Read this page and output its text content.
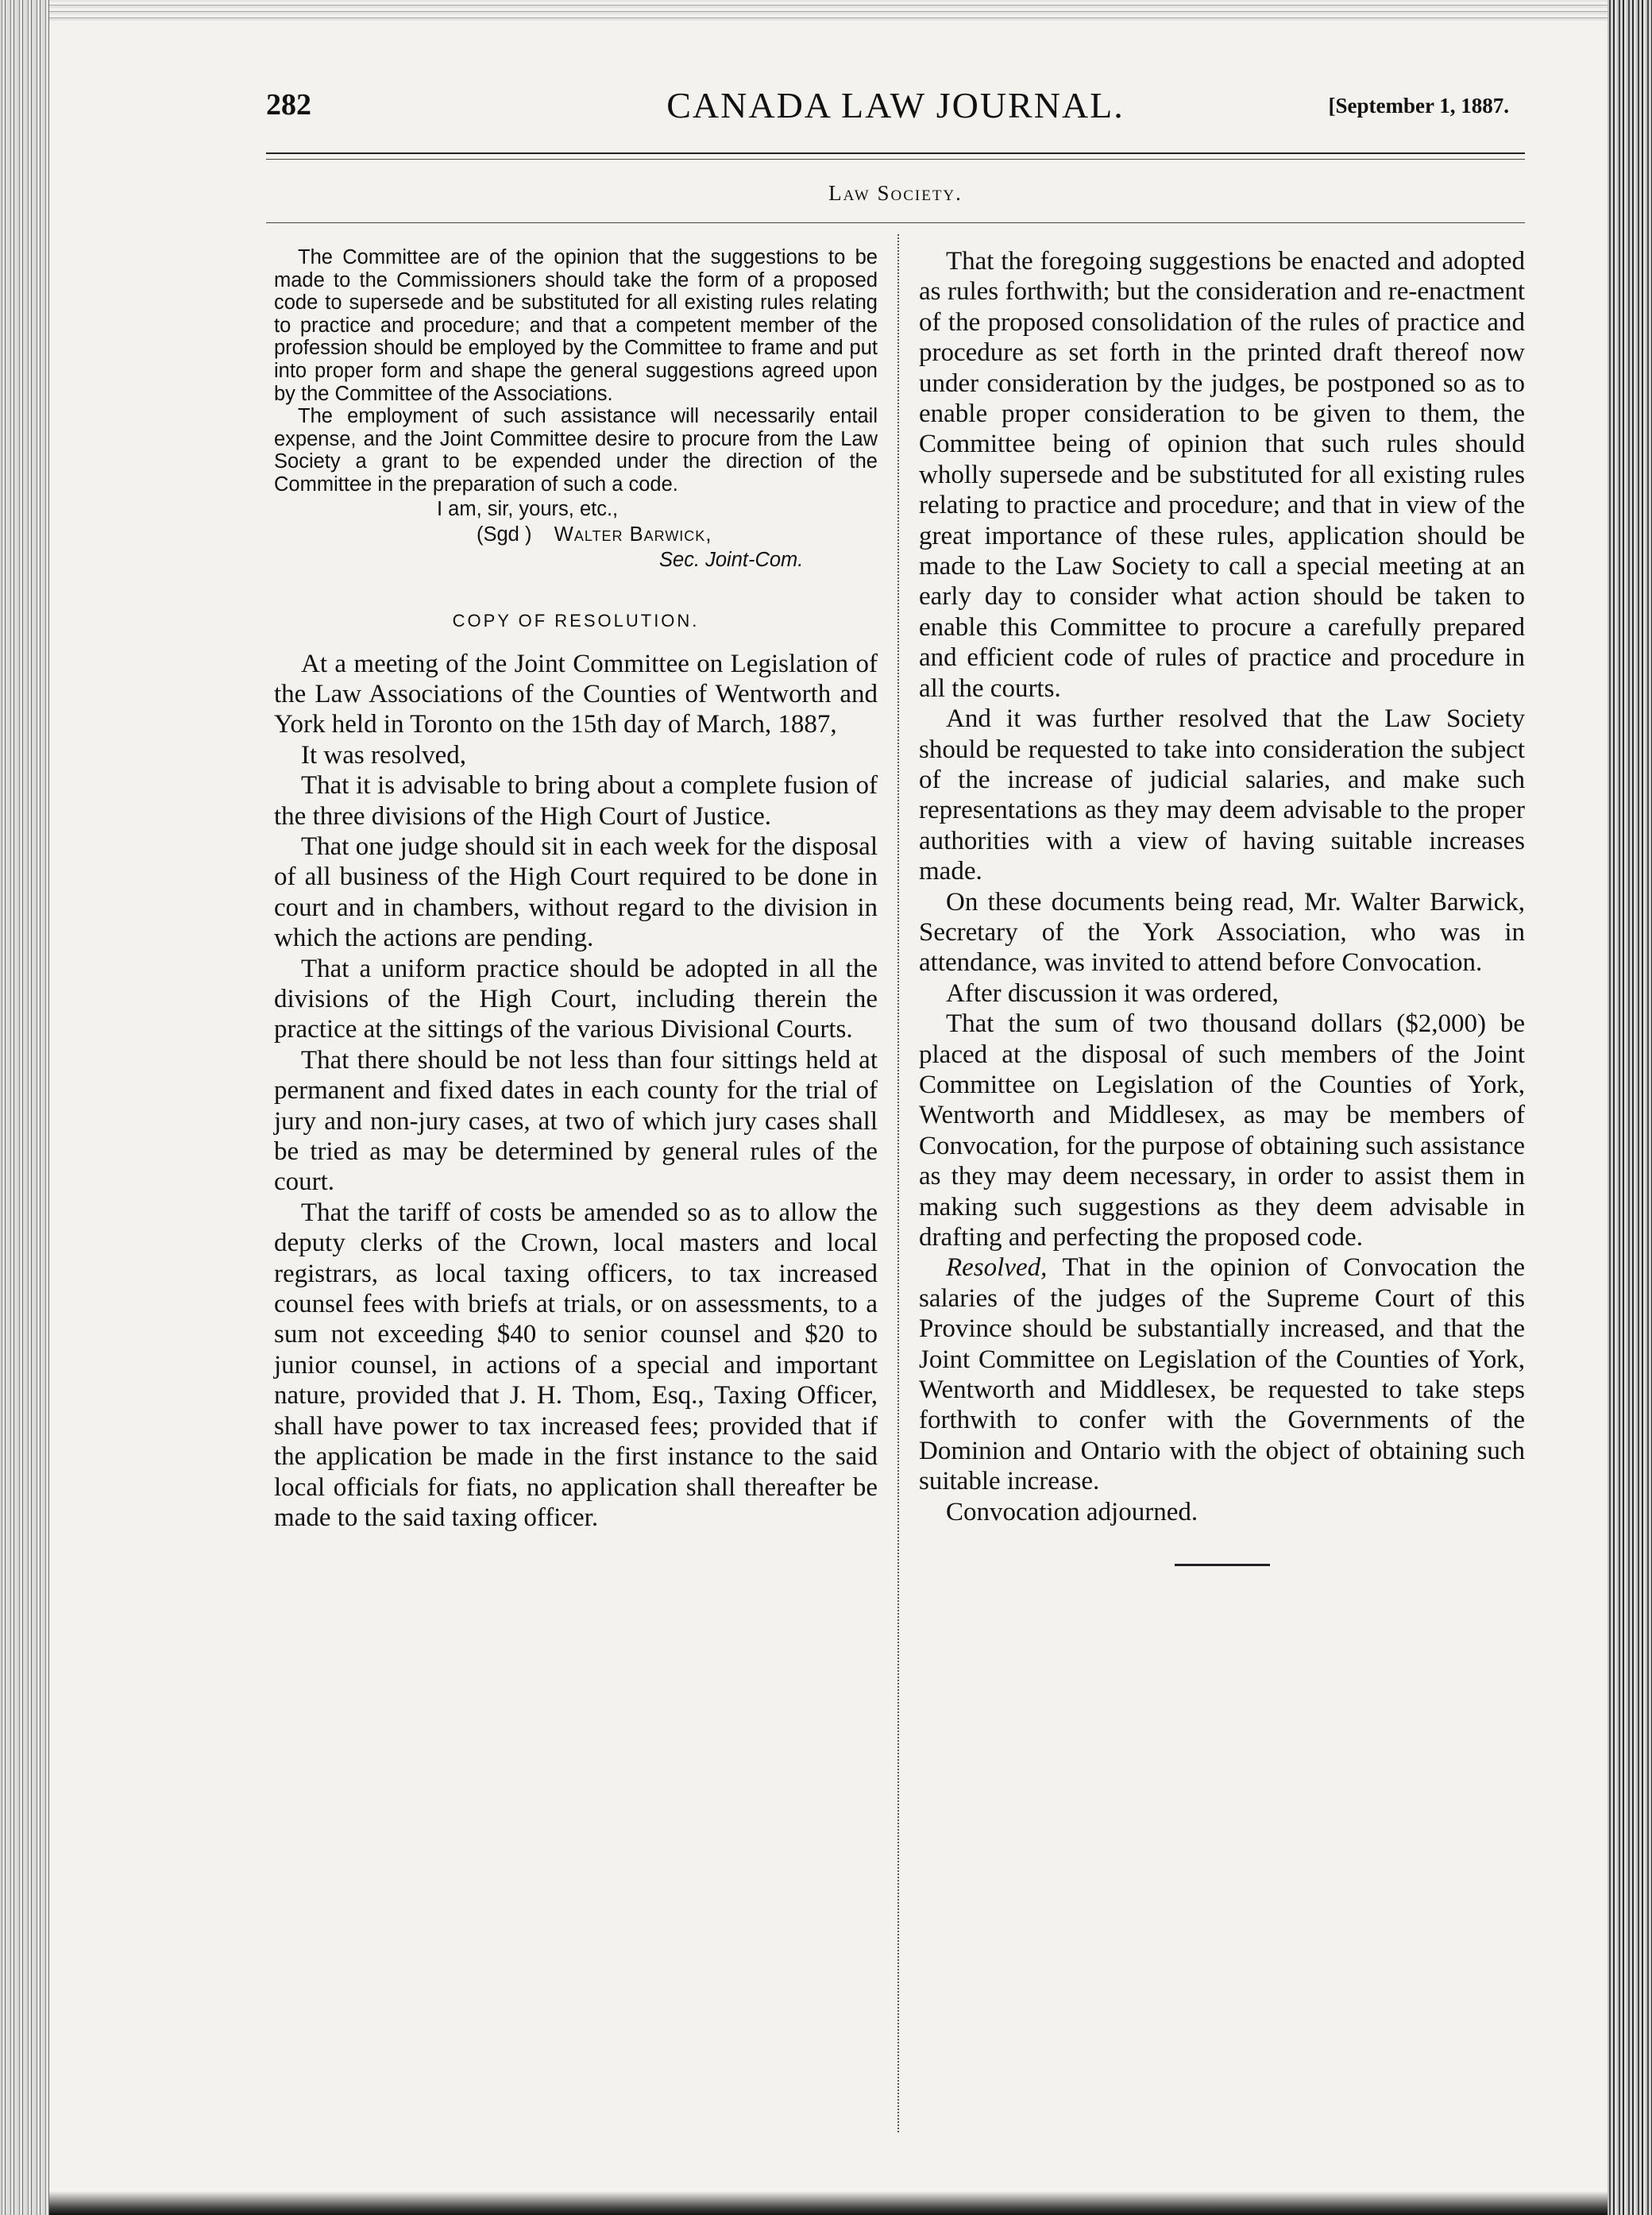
282	CANADA LAW JOURNAL.	[September 1, 1887.
Law Society.

The Committee are of the opinion that the suggestions to be made to the Commissioners should take the form of a proposed code to supersede and be substituted for all existing rules relating to practice and procedure; and that a competent member of the profession should be employed by the Committee to frame and put into proper form and shape the general suggestions agreed upon by the Committee of the Associations.

The employment of such assistance will necessarily entail expense, and the Joint Committee desire to procure from the Law Society a grant to be expended under the direction of the Committee in the preparation of such a code.

I am, sir, yours, etc.,
(Sgd ) Walter Barwick,
Sec. Joint-Com.
COPY OF RESOLUTION.

At a meeting of the Joint Committee on Legislation of the Law Associations of the Counties of Wentworth and York held in Toronto on the 15th day of March, 1887,

It was resolved,

That it is advisable to bring about a complete fusion of the three divisions of the High Court of Justice.

That one judge should sit in each week for the disposal of all business of the High Court required to be done in court and in chambers, without regard to the division in which the actions are pending.

That a uniform practice should be adopted in all the divisions of the High Court, including therein the practice at the sittings of the various Divisional Courts.

That there should be not less than four sittings held at permanent and fixed dates in each county for the trial of jury and non-jury cases, at two of which jury cases shall be tried as may be determined by general rules of the court.

That the tariff of costs be amended so as to allow the deputy clerks of the Crown, local masters and local registrars, as local taxing officers, to tax increased counsel fees with briefs at trials, or on assessments, to a sum not exceeding $40 to senior counsel and $20 to junior counsel, in actions of a special and important nature, provided that J. H. Thom, Esq., Taxing Officer, shall have power to tax increased fees; provided that if the application be made in the first instance to the said local officials for fiats, no application shall thereafter be made to the said taxing officer.

That the foregoing suggestions be enacted and adopted as rules forthwith; but the consideration and re-enactment of the proposed consolidation of the rules of practice and procedure as set forth in the printed draft thereof now under consideration by the judges, be postponed so as to enable proper consideration to be given to them, the Committee being of opinion that such rules should wholly supersede and be substituted for all existing rules relating to practice and procedure; and that in view of the great importance of these rules, application should be made to the Law Society to call a special meeting at an early day to consider what action should be taken to enable this Committee to procure a carefully prepared and efficient code of rules of practice and procedure in all the courts.

And it was further resolved that the Law Society should be requested to take into consideration the subject of the increase of judicial salaries, and make such representations as they may deem advisable to the proper authorities with a view of having suitable increases made.

On these documents being read, Mr. Walter Barwick, Secretary of the York Association, who was in attendance, was invited to attend before Convocation.

After discussion it was ordered,

That the sum of two thousand dollars ($2,000) be placed at the disposal of such members of the Joint Committee on Legislation of the Counties of York, Wentworth and Middlesex, as may be members of Convocation, for the purpose of obtaining such assistance as they may deem necessary, in order to assist them in making such suggestions as they deem advisable in drafting and perfecting the proposed code.

Resolved, That in the opinion of Convocation the salaries of the judges of the Supreme Court of this Province should be substantially increased, and that the Joint Committee on Legislation of the Counties of York, Wentworth and Middlesex, be requested to take steps forthwith to confer with the Governments of the Dominion and Ontario with the object of obtaining such suitable increase.

Convocation adjourned.
